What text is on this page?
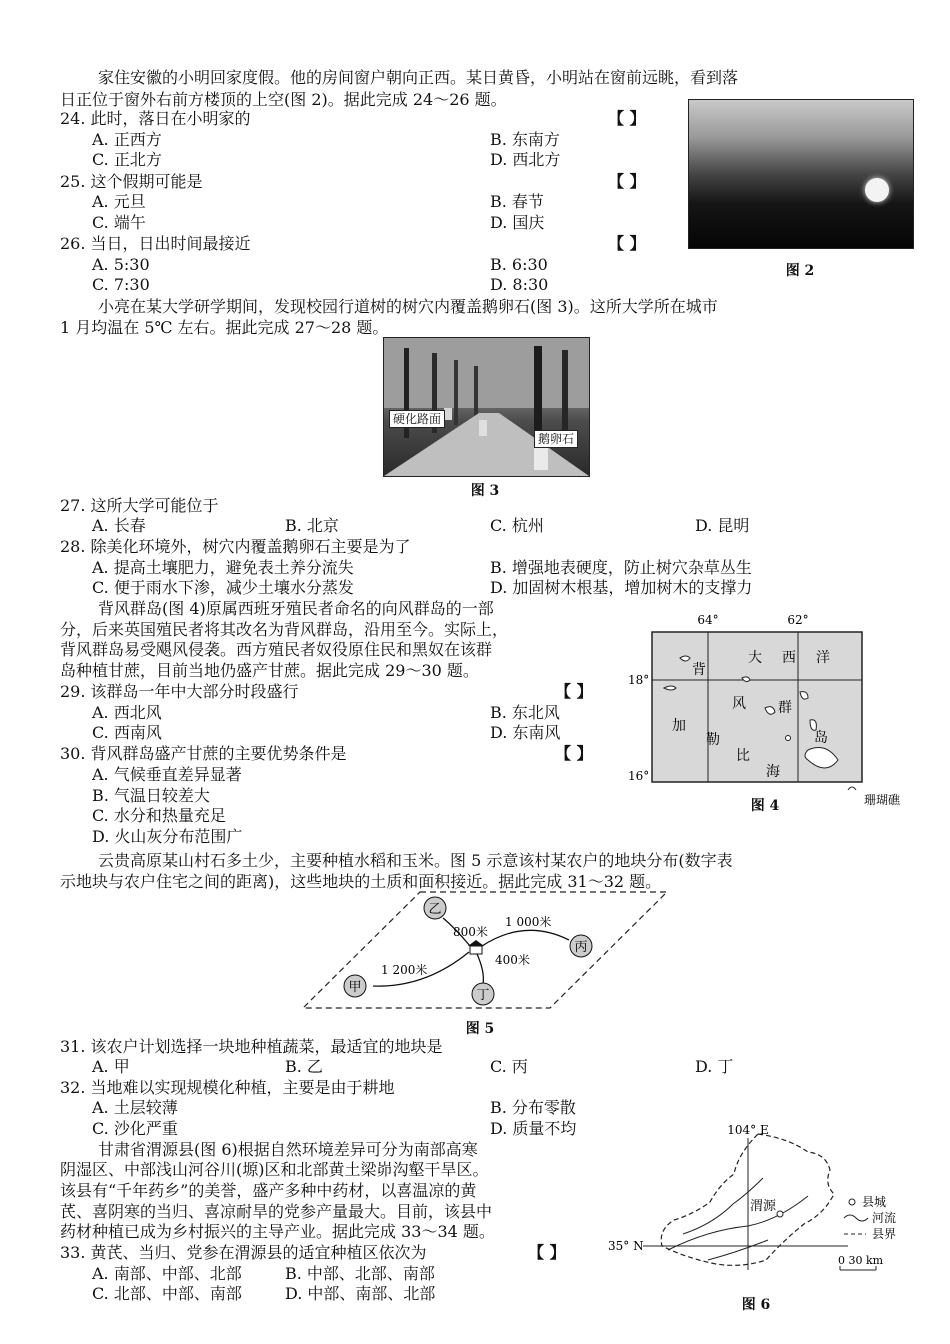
家住安徽的小明回家度假。他的房间窗户朝向正西。某日黄昏，小明站在窗前远眺，看到落
日正位于窗外右前方楼顶的上空(图 2)。据此完成 24～26 题。
24. 此时，落日在小明家的	【 】
A. 正西方	B. 东南方
C. 正北方	D. 西北方
25. 这个假期可能是	【 】
A. 元旦	B. 春节
C. 端午	D. 国庆
26. 当日，日出时间最接近	【 】
A. 5:30	B. 6:30
C. 7:30	D. 8:30
图 2
小亮在某大学研学期间，发现校园行道树的树穴内覆盖鹅卵石(图 3)。这所大学所在城市
1 月均温在 5℃ 左右。据此完成 27～28 题。
硬化路面
鹅卵石
图 3
27. 这所大学可能位于
A. 长春	B. 北京	C. 杭州	D. 昆明
28. 除美化环境外，树穴内覆盖鹅卵石主要是为了
A. 提高土壤肥力，避免表土养分流失	B. 增强地表硬度，防止树穴杂草丛生
C. 便于雨水下渗，减少土壤水分蒸发	D. 加固树木根基，增加树木的支撑力
背风群岛(图 4)原属西班牙殖民者命名的向风群岛的一部
分，后来英国殖民者将其改名为背风群岛，沿用至今。实际上，
背风群岛易受飓风侵袭。西方殖民者奴役原住民和黑奴在该群
岛种植甘蔗，目前当地仍盛产甘蔗。据此完成 29～30 题。
29. 该群岛一年中大部分时段盛行	【 】
A. 西北风	B. 东北风
C. 西南风	D. 东南风
30. 背风群岛盛产甘蔗的主要优势条件是	【 】
A. 气候垂直差异显著
B. 气温日较差大
C. 水分和热量充足
D. 火山灰分布范围广
64°	62°
18°
16°
背
风 群
岛
大 西 洋
加
勒
比
海
珊瑚礁
图 4
云贵高原某山村石多土少，主要种植水稻和玉米。图 5 示意该村某农户的地块分布(数字表
示地块与农户住宅之间的距离)，这些地块的土质和面积接近。据此完成 31～32 题。
乙
丙
甲
丁
800米
1 000米
1 200米
400米
图 5
31. 该农户计划选择一块地种植蔬菜，最适宜的地块是
A. 甲	B. 乙	C. 丙	D. 丁
32. 当地难以实现规模化种植，主要是由于耕地
A. 土层较薄	B. 分布零散
C. 沙化严重	D. 质量不均
甘肃省渭源县(图 6)根据自然环境差异可分为南部高寒
阴湿区、中部浅山河谷川(塬)区和北部黄土梁峁沟壑干旱区。
该县有“千年药乡”的美誉，盛产多种中药材，以喜温凉的黄
芪、喜阴寒的当归、喜凉耐旱的党参产量最大。目前，该县中
药材种植已成为乡村振兴的主导产业。据此完成 33～34 题。
33. 黄芪、当归、党参在渭源县的适宜种植区依次为	【 】
A. 南部、中部、北部	B. 中部、北部、南部
C. 北部、中部、南部	D. 中部、南部、北部
104° E
35° N
渭源	县城
河流
县界
0 30 km
图 6
